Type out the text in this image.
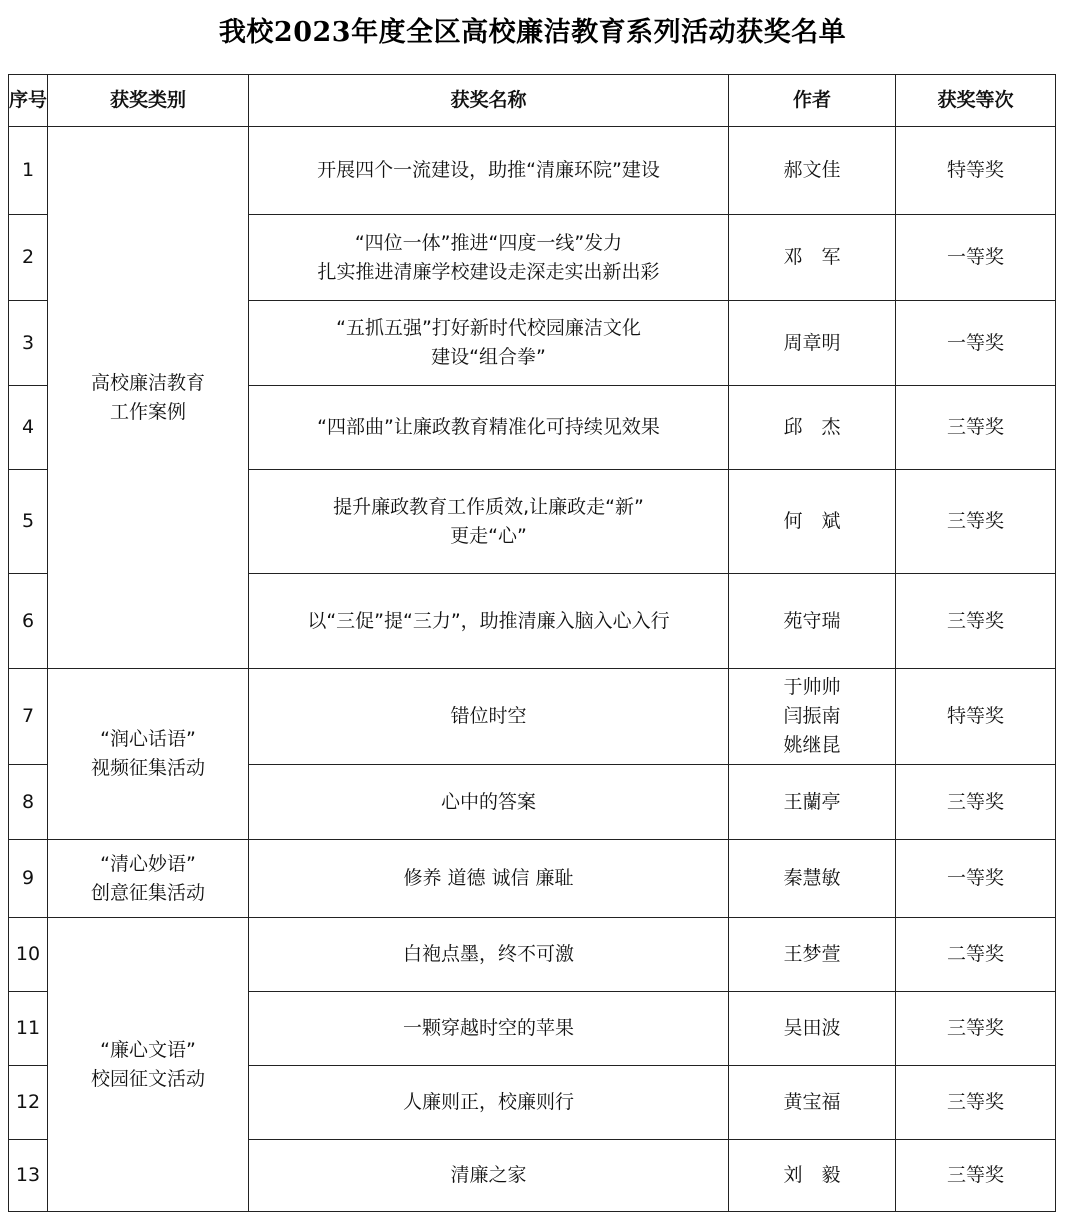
我校2023年度全区高校廉洁教育系列活动获奖名单
序号	获奖类别	获奖名称	作者	获奖等次
1	高校廉洁教育
工作案例	开展四个一流建设，助推“清廉环院”建设	郝文佳	特等奖
2		“四位一体”推进“四度一线”发力
扎实推进清廉学校建设走深走实出新出彩	邓　军	一等奖
3		“五抓五强”打好新时代校园廉洁文化
建设“组合拳”	周章明	一等奖
4		“四部曲”让廉政教育精准化可持续见效果	邱　杰	三等奖
5		提升廉政教育工作质效,让廉政走“新”
更走“心”	何　斌	三等奖
6		以“三促”提“三力”，助推清廉入脑入心入行	苑守瑞	三等奖
7	“润心话语”
视频征集活动	错位时空	于帅帅
闫振南
姚继昆	特等奖
8		心中的答案	王蘭亭	三等奖
9	“清心妙语”
创意征集活动	修养 道德 诚信 廉耻	秦慧敏	一等奖
10	“廉心文语”
校园征文活动	白袍点墨，终不可激	王梦萱	二等奖
11		一颗穿越时空的苹果	吴田波	三等奖
12		人廉则正，校廉则行	黄宝福	三等奖
13		清廉之家	刘　毅	三等奖
